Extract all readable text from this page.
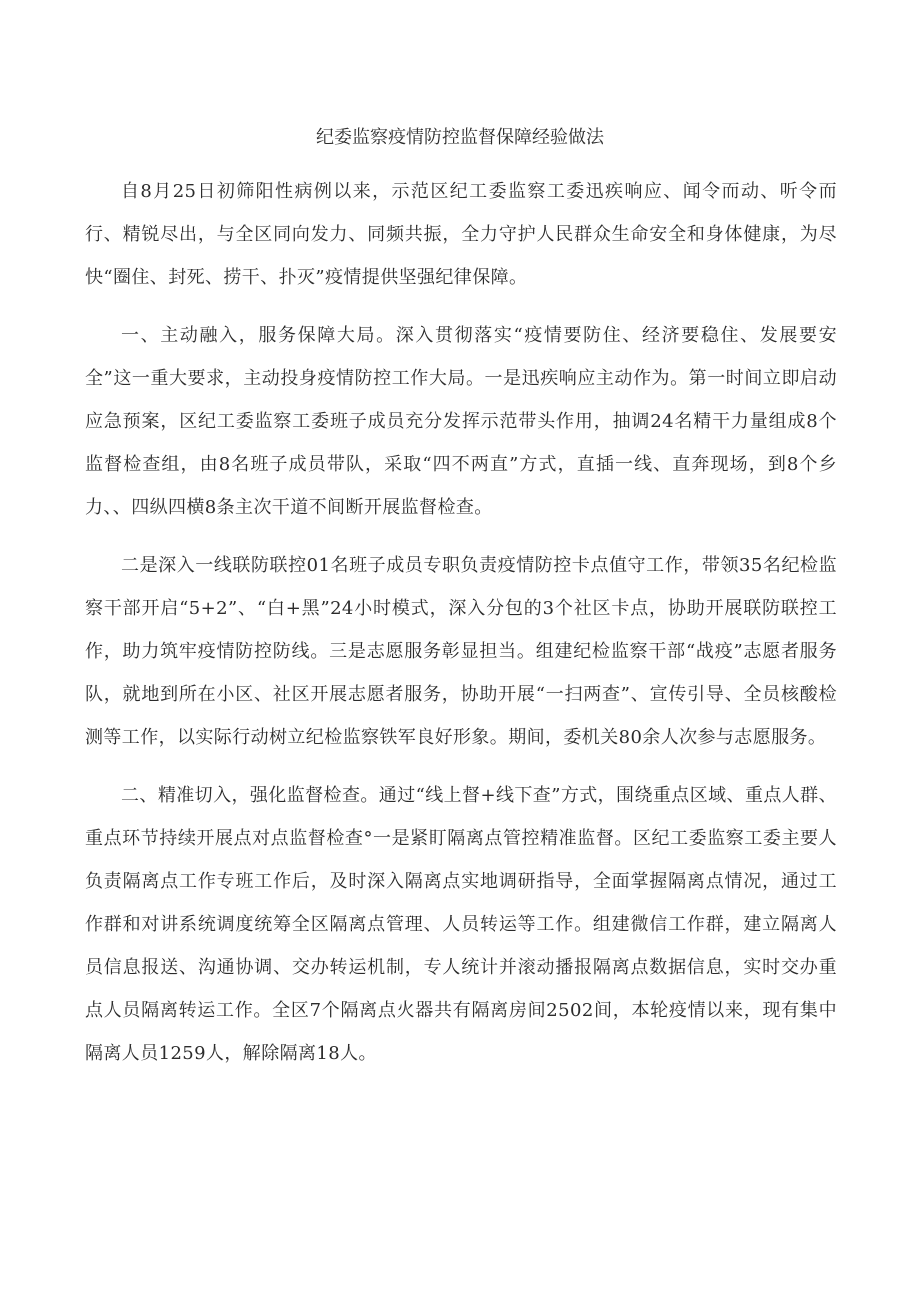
纪委监察疫情防控监督保障经验做法

自8月25日初筛阳性病例以来，示范区纪工委监察工委迅疾响应、闻令而动、听令而行、精锐尽出，与全区同向发力、同频共振，全力守护人民群众生命安全和身体健康，为尽快“圈住、封死、捞干、扑灭”疫情提供坚强纪律保障。

一、主动融入，服务保障大局。深入贯彻落实“疫情要防住、经济要稳住、发展要安全”这一重大要求，主动投身疫情防控工作大局。一是迅疾响应主动作为。第一时间立即启动应急预案，区纪工委监察工委班子成员充分发挥示范带头作用，抽调24名精干力量组成8个监督检查组，由8名班子成员带队，采取“四不两直”方式，直插一线、直奔现场，到8个乡力、、四纵四横8条主次干道不间断开展监督检查。

二是深入一线联防联控01名班子成员专职负责疫情防控卡点值守工作，带领35名纪检监察干部开启“5+2”、“白+黑”24小时模式，深入分包的3个社区卡点，协助开展联防联控工作，助力筑牢疫情防控防线。三是志愿服务彰显担当。组建纪检监察干部“战疫”志愿者服务队，就地到所在小区、社区开展志愿者服务，协助开展“一扫两查”、宣传引导、全员核酸检测等工作，以实际行动树立纪检监察铁军良好形象。期间，委机关80余人次参与志愿服务。

二、精准切入，强化监督检查。通过“线上督+线下查”方式，围绕重点区域、重点人群、重点环节持续开展点对点监督检查°一是紧盯隔离点管控精准监督。区纪工委监察工委主要人负责隔离点工作专班工作后，及时深入隔离点实地调研指导，全面掌握隔离点情况，通过工作群和对讲系统调度统筹全区隔离点管理、人员转运等工作。组建微信工作群，建立隔离人员信息报送、沟通协调、交办转运机制，专人统计并滚动播报隔离点数据信息，实时交办重点人员隔离转运工作。全区7个隔离点火器共有隔离房间2502间，本轮疫情以来，现有集中隔离人员1259人，解除隔离18人。
